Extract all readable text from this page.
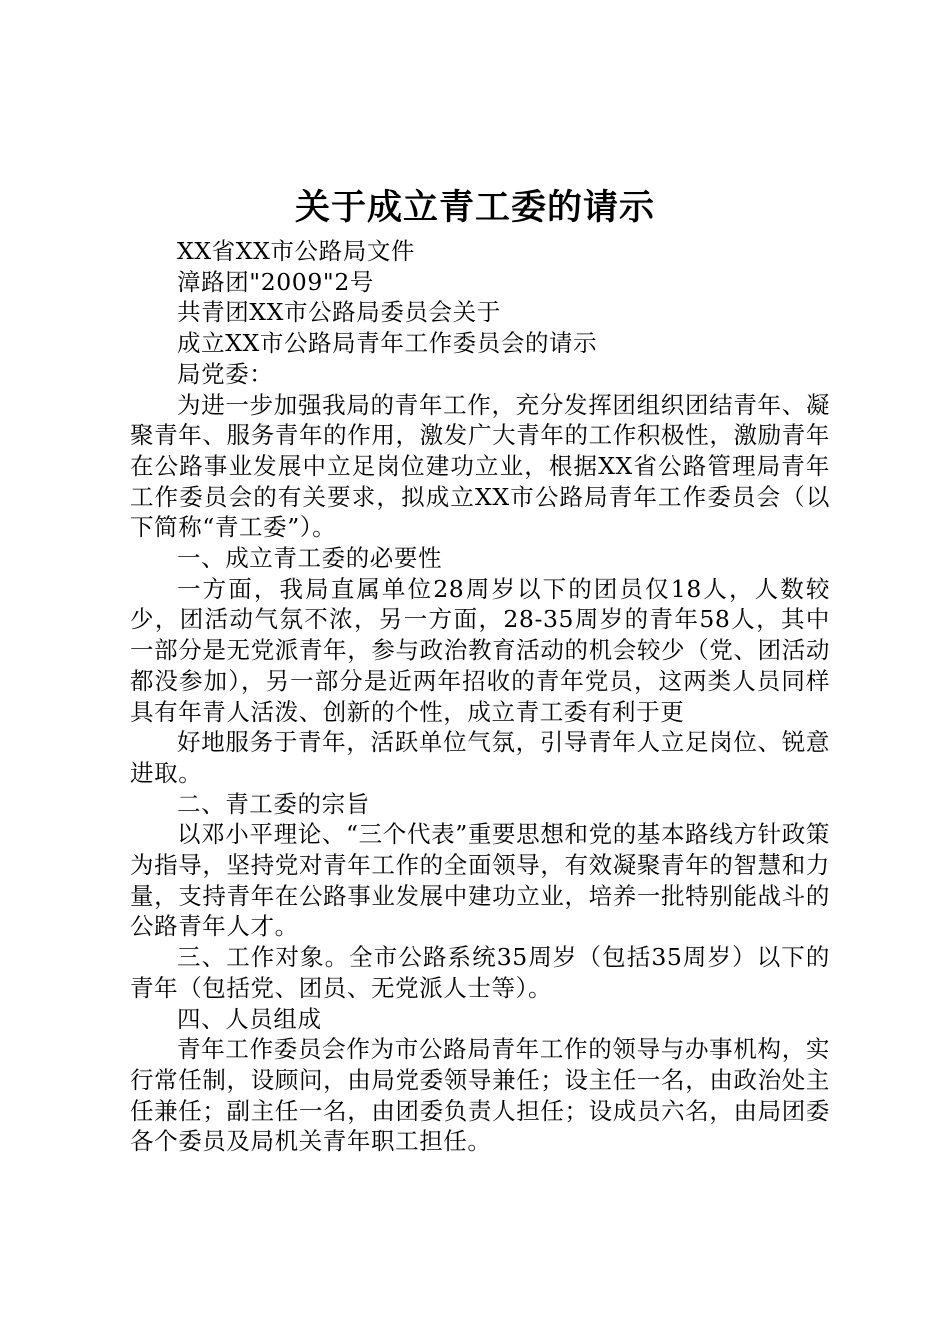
关于成立青工委的请示

XX省XX市公路局文件

漳路团"2009"2号

共青团XX市公路局委员会关于

成立XX市公路局青年工作委员会的请示

局党委：

为进一步加强我局的青年工作，充分发挥团组织团结青年、凝聚青年、服务青年的作用，激发广大青年的工作积极性，激励青年在公路事业发展中立足岗位建功立业，根据XX省公路管理局青年工作委员会的有关要求，拟成立XX市公路局青年工作委员会（以下简称“青工委”）。

一、成立青工委的必要性

一方面，我局直属单位28周岁以下的团员仅18人，人数较少，团活动气氛不浓，另一方面，28-35周岁的青年58人，其中一部分是无党派青年，参与政治教育活动的机会较少（党、团活动都没参加），另一部分是近两年招收的青年党员，这两类人员同样具有年青人活泼、创新的个性，成立青工委有利于更

好地服务于青年，活跃单位气氛，引导青年人立足岗位、锐意进取。

二、青工委的宗旨

以邓小平理论、“三个代表”重要思想和党的基本路线方针政策为指导，坚持党对青年工作的全面领导，有效凝聚青年的智慧和力量，支持青年在公路事业发展中建功立业，培养一批特别能战斗的公路青年人才。

三、工作对象。全市公路系统35周岁（包括35周岁）以下的青年（包括党、团员、无党派人士等）。

四、人员组成

青年工作委员会作为市公路局青年工作的领导与办事机构，实行常任制，设顾问，由局党委领导兼任；设主任一名，由政治处主任兼任；副主任一名，由团委负责人担任；设成员六名，由局团委各个委员及局机关青年职工担任。
